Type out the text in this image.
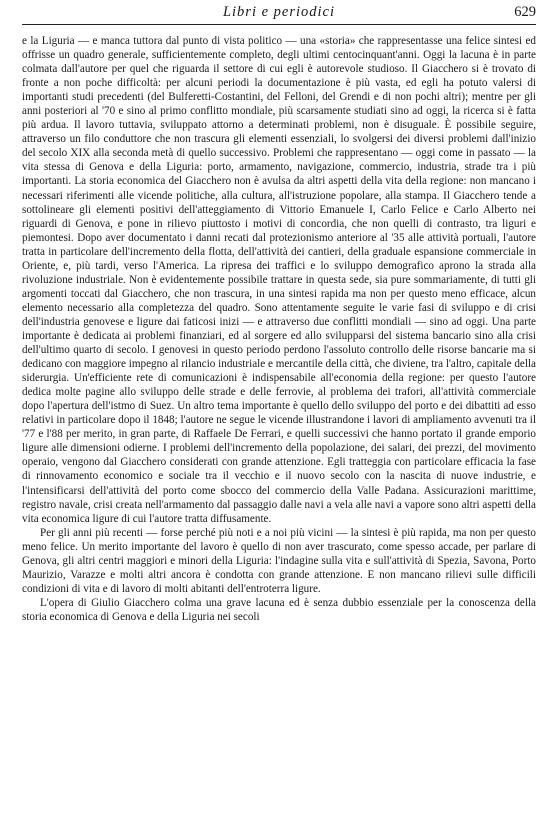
Libri e periodici	629

e la Liguria — e manca tuttora dal punto di vista politico — una «storia» che rappresentasse una felice sintesi ed offrisse un quadro generale, sufficientemente completo, degli ultimi centocinquant'anni. Oggi la lacuna è in parte colmata dall'autore per quel che riguarda il settore di cui egli è autorevole studioso. Il Giacchero si è trovato di fronte a non poche difficoltà: per alcuni periodi la documentazione è più vasta, ed egli ha potuto valersi di importanti studi precedenti (del Bulferetti-Costantini, del Felloni, del Grendi e di non pochi altri); mentre per gli anni posteriori al '70 e sino al primo conflitto mondiale, più scarsamente studiati sino ad oggi, la ricerca si è fatta più ardua. Il lavoro tuttavia, sviluppato attorno a determinati problemi, non è disuguale. È possibile seguire, attraverso un filo conduttore che non trascura gli elementi essenziali, lo svolgersi dei diversi problemi dall'inizio del secolo XIX alla seconda metà di quello successivo. Problemi che rappresentano — oggi come in passato — la vita stessa di Genova e della Liguria: porto, armamento, navigazione, commercio, industria, strade tra i più importanti. La storia economica del Giacchero non è avulsa da altri aspetti della vita della regione: non mancano i necessari riferimenti alle vicende politiche, alla cultura, all'istruzione popolare, alla stampa. Il Giacchero tende a sottolineare gli elementi positivi dell'atteggiamento di Vittorio Emanuele I, Carlo Felice e Carlo Alberto nei riguardi di Genova, e pone in rilievo piuttosto i motivi di concordia, che non quelli di contrasto, tra liguri e piemontesi. Dopo aver documentato i danni recati dal protezionismo anteriore al '35 alle attività portuali, l'autore tratta in particolare dell'incremento della flotta, dell'attività dei cantieri, della graduale espansione commerciale in Oriente, e, più tardi, verso l'America. La ripresa dei traffici e lo sviluppo demografico aprono la strada alla rivoluzione industriale. Non è evidentemente possibile trattare in questa sede, sia pure sommariamente, di tutti gli argomenti toccati dal Giacchero, che non trascura, in una sintesi rapida ma non per questo meno efficace, alcun elemento necessario alla completezza del quadro. Sono attentamente seguite le varie fasi di sviluppo e di crisi dell'industria genovese e ligure dai faticosi inizi — e attraverso due conflitti mondiali — sino ad oggi. Una parte importante è dedicata ai problemi finanziari, ed al sorgere ed allo svilupparsi del sistema bancario sino alla crisi dell'ultimo quarto di secolo. I genovesi in questo periodo perdono l'assoluto controllo delle risorse bancarie ma si dedicano con maggiore impegno al rilancio industriale e mercantile della città, che diviene, tra l'altro, capitale della siderurgia. Un'efficiente rete di comunicazioni è indispensabile all'economia della regione: per questo l'autore dedica molte pagine allo sviluppo delle strade e delle ferrovie, al problema dei trafori, all'attività commerciale dopo l'apertura dell'istmo di Suez. Un altro tema importante è quello dello sviluppo del porto e dei dibattiti ad esso relativi in particolare dopo il 1848; l'autore ne segue le vicende illustrandone i lavori di ampliamento avvenuti tra il '77 e l'88 per merito, in gran parte, di Raffaele De Ferrari, e quelli successivi che hanno portato il grande emporio ligure alle dimensioni odierne. I problemi dell'incremento della popolazione, dei salari, dei prezzi, del movimento operaio, vengono dal Giacchero considerati con grande attenzione. Egli tratteggia con particolare efficacia la fase di rinnovamento economico e sociale tra il vecchio e il nuovo secolo con la nascita di nuove industrie, e l'intensificarsi dell'attività del porto come sbocco del commercio della Valle Padana. Assicurazioni marittime, registro navale, crisi creata nell'armamento dal passaggio dalle navi a vela alle navi a vapore sono altri aspetti della vita economica ligure di cui l'autore tratta diffusamente.

Per gli anni più recenti — forse perché più noti e a noi più vicini — la sintesi è più rapida, ma non per questo meno felice. Un merito importante del lavoro è quello di non aver trascurato, come spesso accade, per parlare di Genova, gli altri centri maggiori e minori della Liguria: l'indagine sulla vita e sull'attività di Spezia, Savona, Porto Maurizio, Varazze e molti altri ancora è condotta con grande attenzione. E non mancano rilievi sulle difficili condizioni di vita e di lavoro di molti abitanti dell'entroterra ligure.

L'opera di Giulio Giacchero colma una grave lacuna ed è senza dubbio essenziale per la conoscenza della storia economica di Genova e della Liguria nei secoli
